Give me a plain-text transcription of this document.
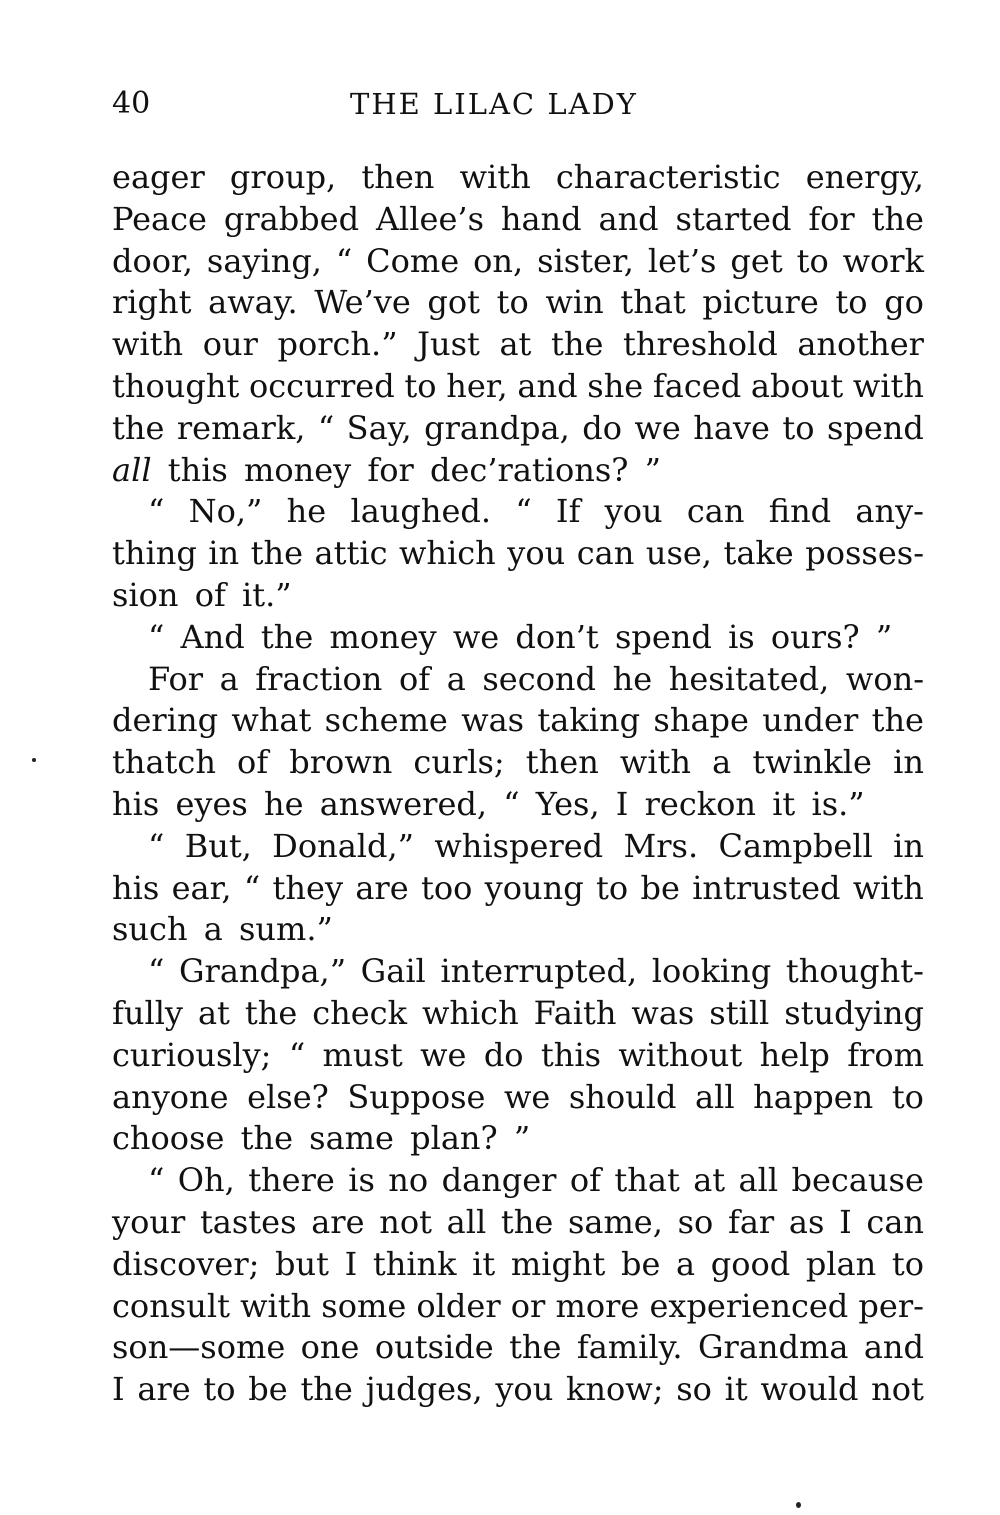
40	THE LILAC LADY
eager group, then with characteristic energy,
Peace grabbed Allee’s hand and started for the
door, saying, “ Come on, sister, let’s get to work
right away. We’ve got to win that picture to go
with our porch.” Just at the threshold another
thought occurred to her, and she faced about with
the remark, “ Say, grandpa, do we have to spend
all
this money for dec’rations? ”
“ No,” he laughed. “ If you can find any-
thing in the attic which you can use, take posses-
sion of it.”
“ And the money we don’t spend is ours? ”
For a fraction of a second he hesitated, won-
dering what scheme was taking shape under the
thatch of brown curls; then with a twinkle in
his eyes he answered, “ Yes, I reckon it is.”
“ But, Donald,” whispered Mrs. Campbell in
his ear, “ they are too young to be intrusted with
such a sum.”
“ Grandpa,” Gail interrupted, looking thought-
fully at the check which Faith was still studying
curiously; “ must we do this without help from
anyone else? Suppose we should all happen to
choose the same plan? ”
“ Oh, there is no danger of that at all because
your tastes are not all the same, so far as I can
discover; but I think it might be a good plan to
consult with some older or more experienced per-
son—some one outside the family. Grandma and
I are to be the judges, you know; so it would not
